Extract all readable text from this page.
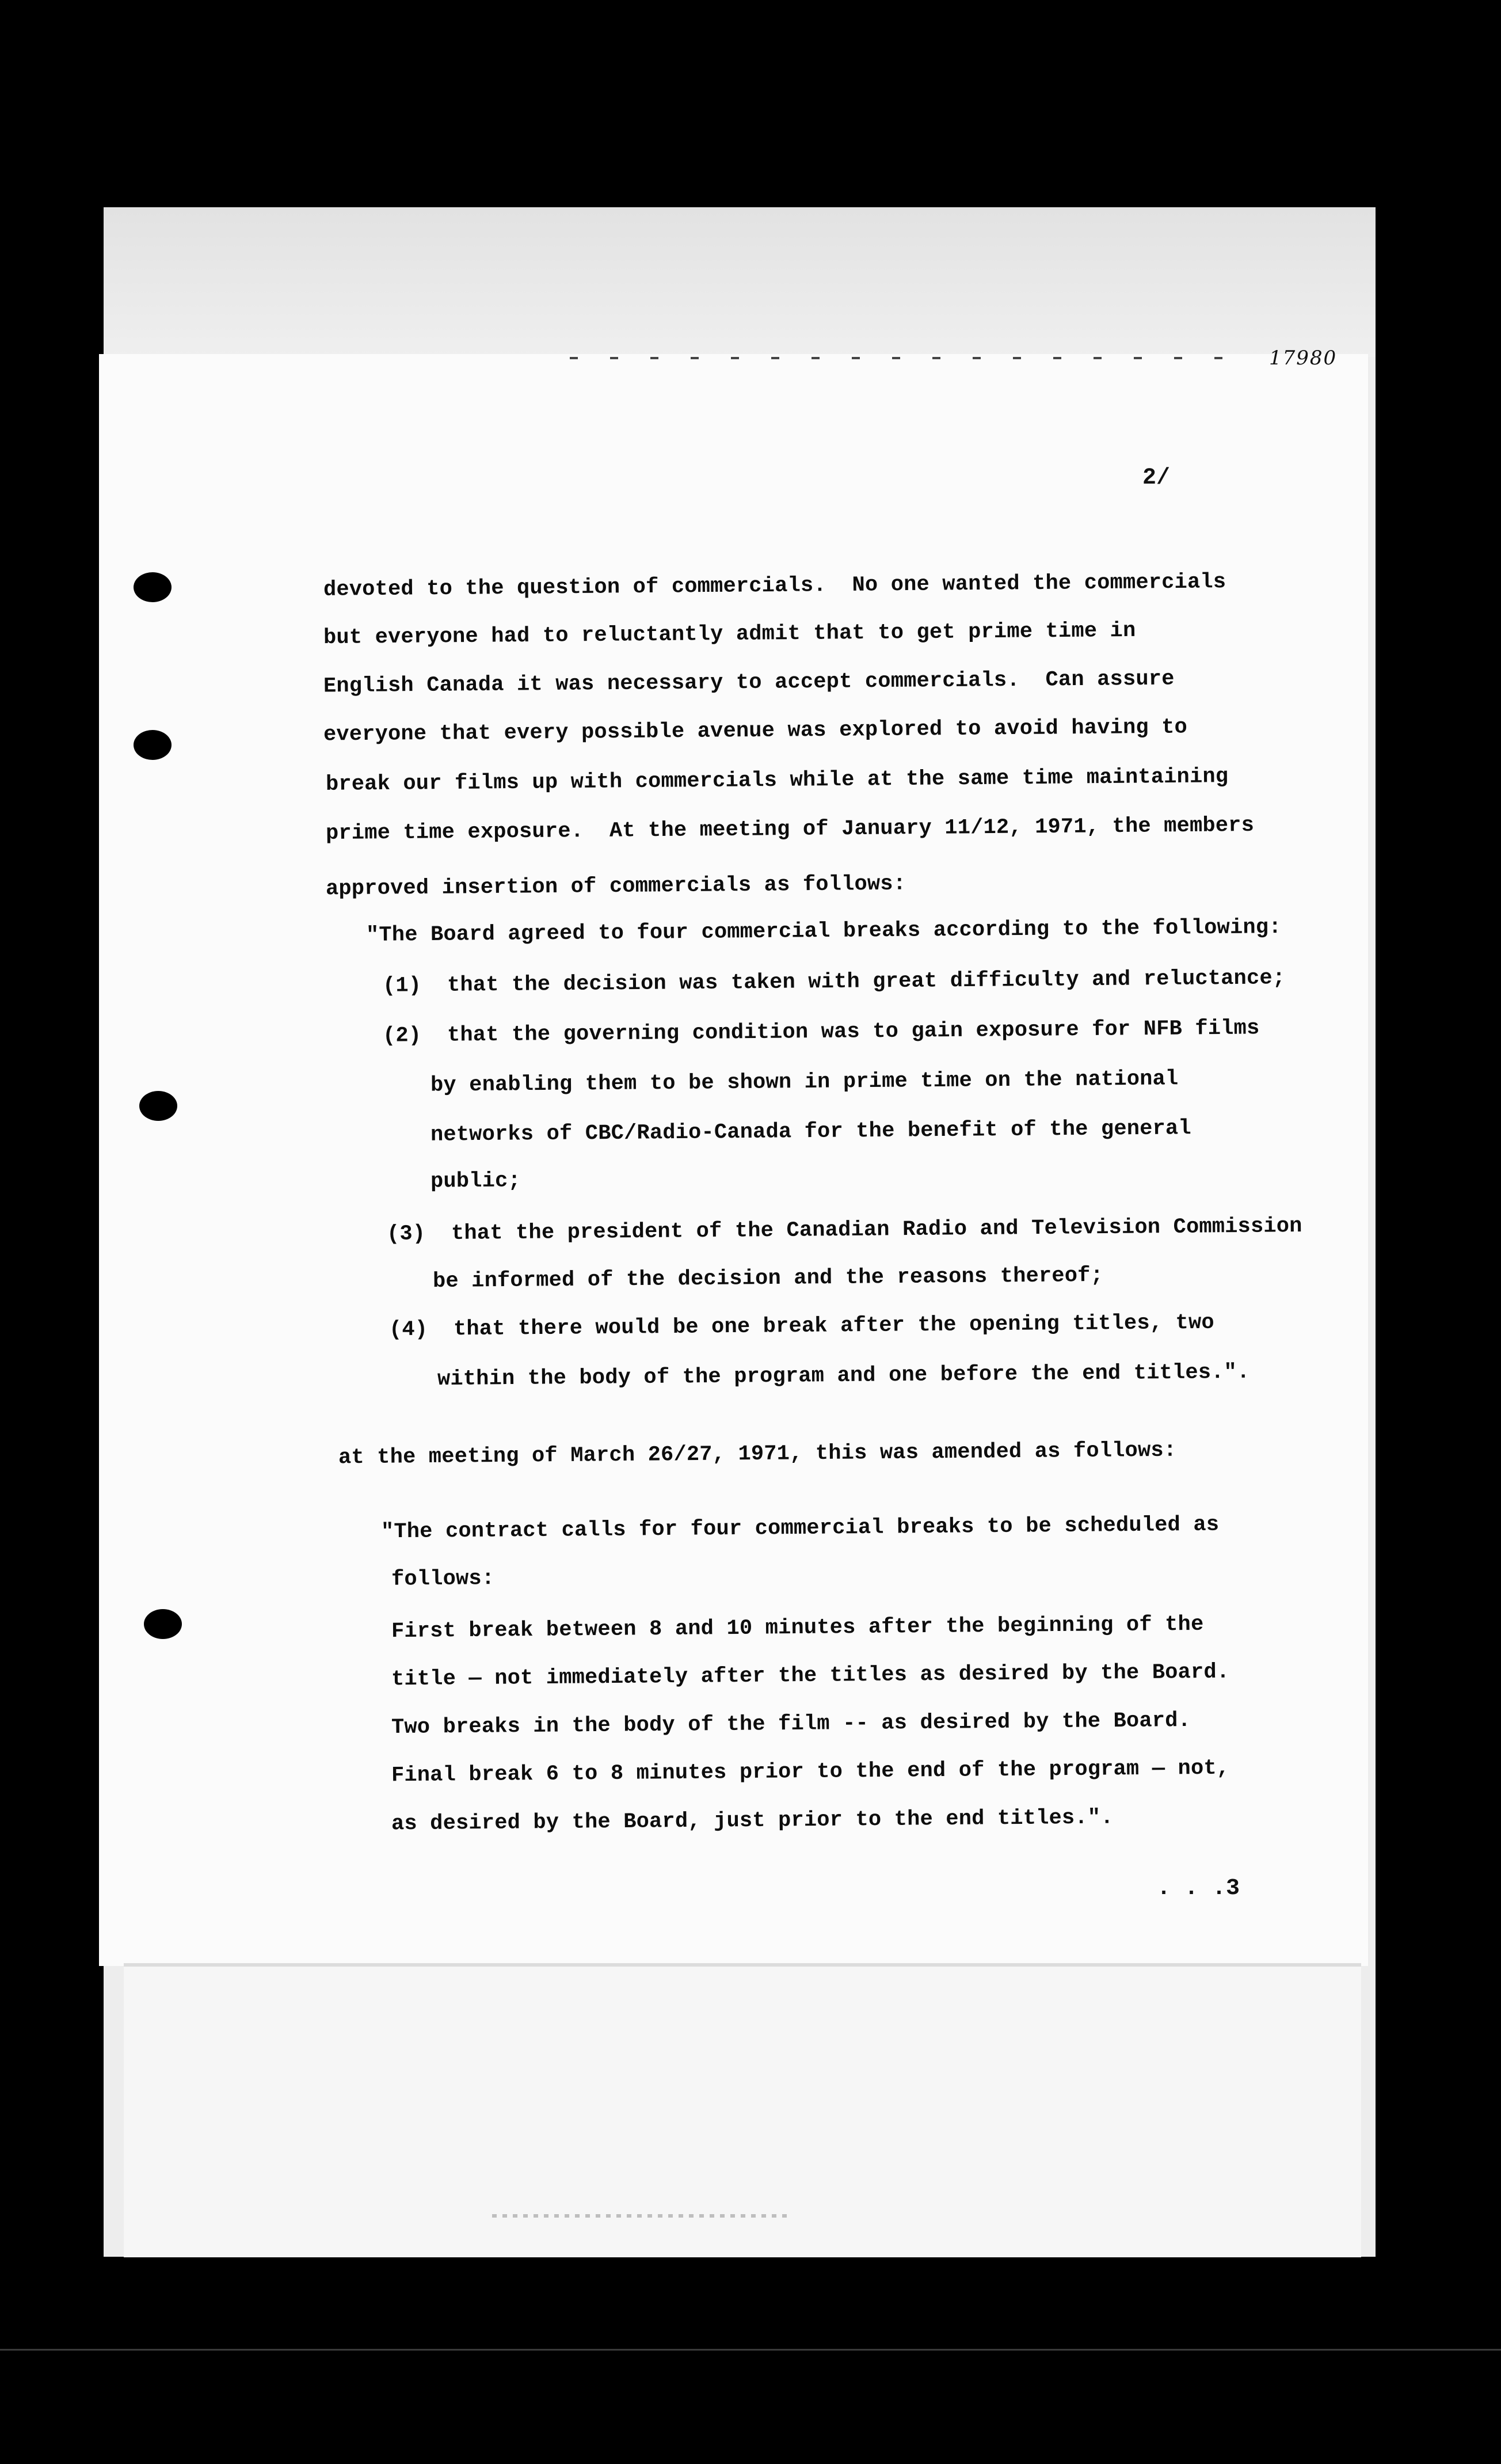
17980
2/
devoted to the question of commercials.  No one wanted the commercials
but everyone had to reluctantly admit that to get prime time in
English Canada it was necessary to accept commercials.  Can assure
everyone that every possible avenue was explored to avoid having to
break our films up with commercials while at the same time maintaining
prime time exposure.  At the meeting of January 11/12, 1971, the members
approved insertion of commercials as follows:
"The Board agreed to four commercial breaks according to the following:
(1)  that the decision was taken with great difficulty and reluctance;
(2)  that the governing condition was to gain exposure for NFB films
by enabling them to be shown in prime time on the national
networks of CBC/Radio-Canada for the benefit of the general
public;
(3)  that the president of the Canadian Radio and Television Commission
be informed of the decision and the reasons thereof;
(4)  that there would be one break after the opening titles, two
within the body of the program and one before the end titles.".
at the meeting of March 26/27, 1971, this was amended as follows:
"The contract calls for four commercial breaks to be scheduled as
follows:
First break between 8 and 10 minutes after the beginning of the
title — not immediately after the titles as desired by the Board.
Two breaks in the body of the film -- as desired by the Board.
Final break 6 to 8 minutes prior to the end of the program — not,
as desired by the Board, just prior to the end titles.".
. . .3
